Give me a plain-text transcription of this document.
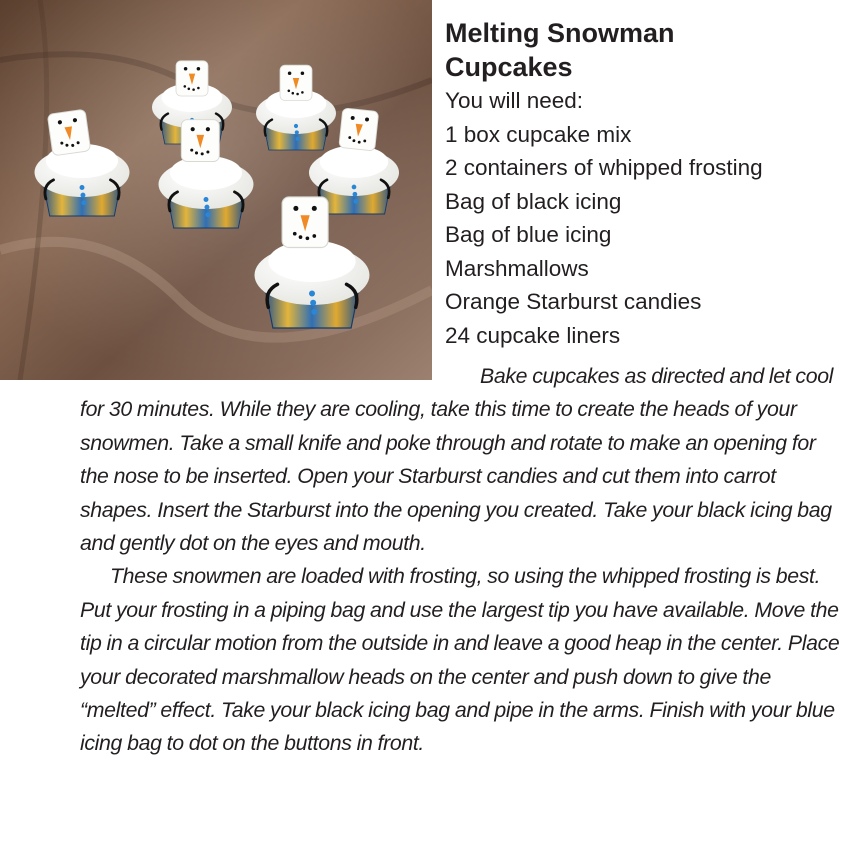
Melting Snowman
Cupcakes

You will need:

1 box cupcake mix
2 containers of whipped frosting
Bag of black icing
Bag of blue icing
Marshmallows
Orange Starburst candies
24 cupcake liners

Bake cupcakes as directed and let cool for 30 minutes. While they are cooling, take this time to create the heads of your snowmen. Take a small knife and poke through and rotate to make an opening for the nose to be inserted. Open your Starburst candies and cut them into carrot shapes. Insert the Starburst into the opening you created. Take your black icing bag and gently dot on the eyes and mouth.

These snowmen are loaded with frosting, so using the whipped frosting is best. Put your frosting in a piping bag and use the largest tip you have available. Move the tip in a circular motion from the outside in and leave a good heap in the center. Place your decorated marshmallow heads on the center and push down to give the “melted” effect. Take your black icing bag and pipe in the arms. Finish with your blue icing bag to dot on the buttons in front.
